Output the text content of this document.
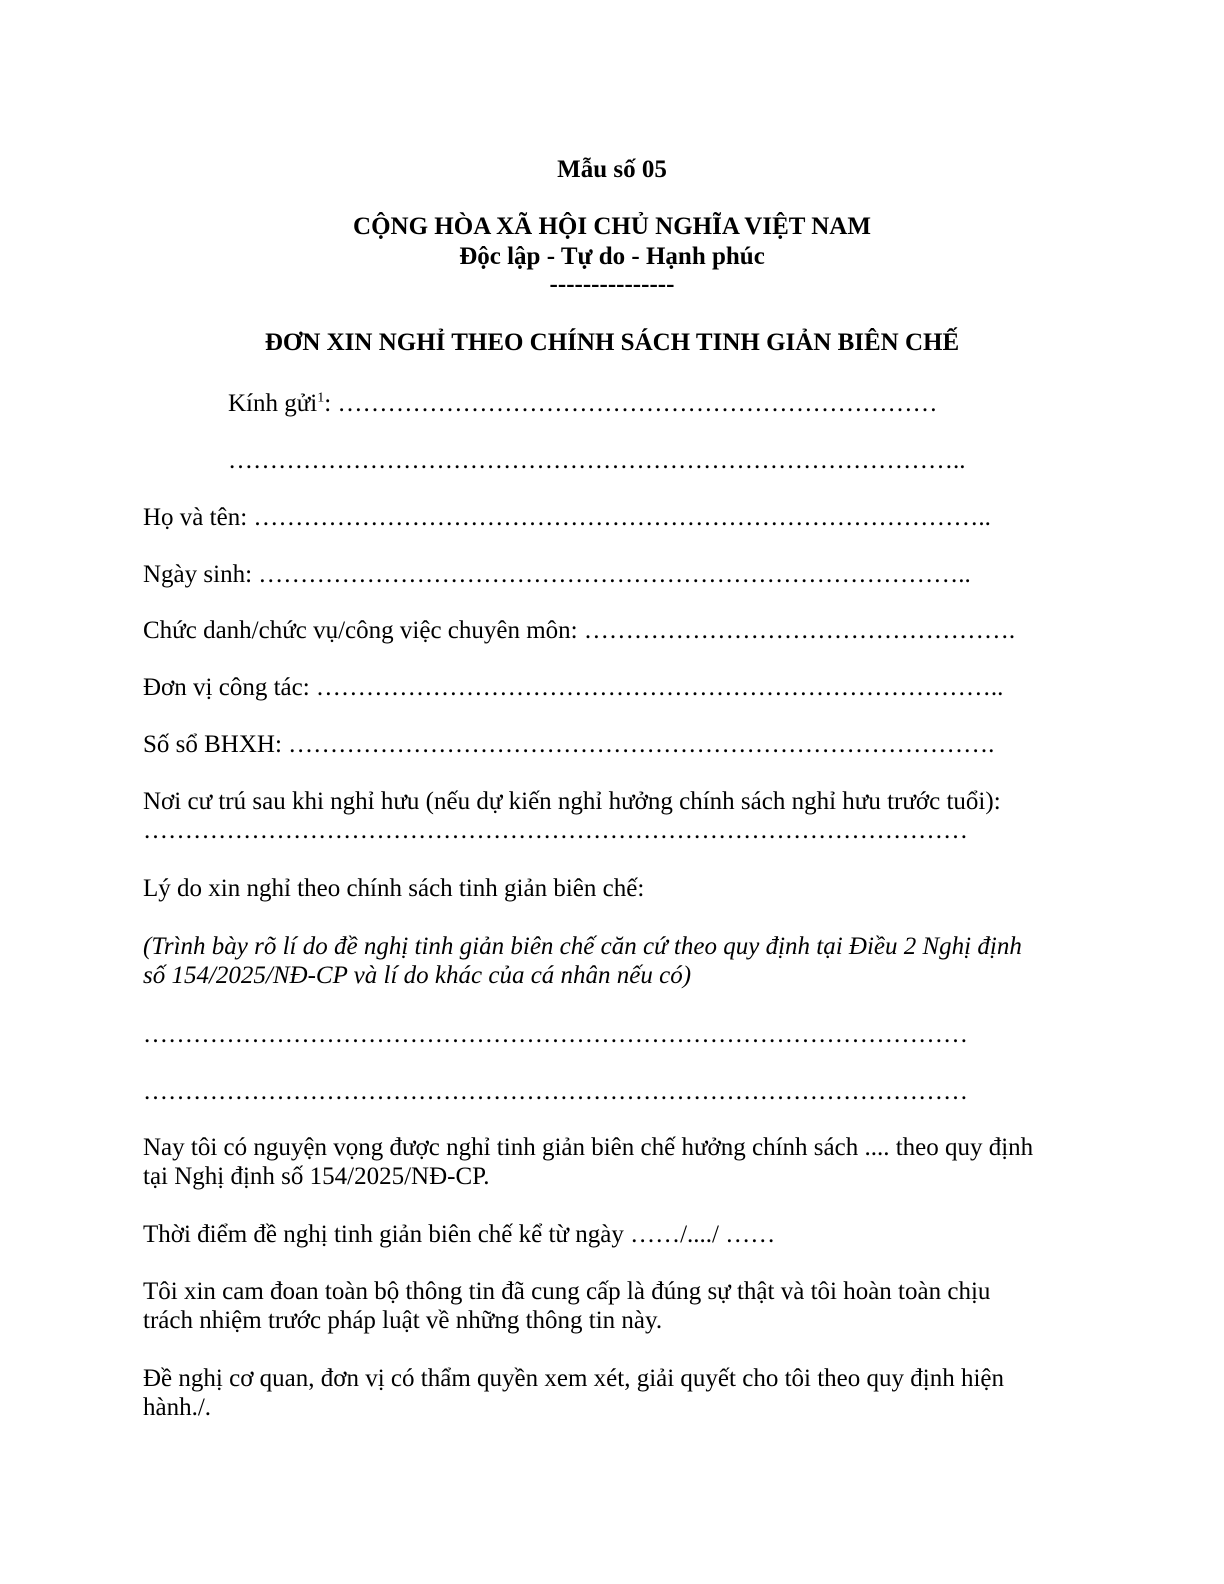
Mẫu số 05
CỘNG HÒA XÃ HỘI CHỦ NGHĨA VIỆT NAM
Độc lập - Tự do - Hạnh phúc
---------------
ĐƠN XIN NGHỈ THEO CHÍNH SÁCH TINH GIẢN BIÊN CHẾ
Kính gửi$^1$: ………………………………………………………………
……………………………………………………………………………..
Họ và tên: ……………………………………………………………………………..
Ngày sinh: …………………………………………………………………………..
Chức danh/chức vụ/công việc chuyên môn: …………………………………………….
Đơn vị công tác: ………………………………………………………………………..
Số sổ BHXH: ………………………………………………………………………….
Nơi cư trú sau khi nghỉ hưu (nếu dự kiến nghỉ hưởng chính sách nghỉ hưu trước tuổi):
………………………………………………………………………………………
Lý do xin nghỉ theo chính sách tinh giản biên chế:
(Trình bày rõ lí do đề nghị tinh giản biên chế căn cứ theo quy định tại Điều 2 Nghị định
số 154/2025/NĐ-CP và lí do khác của cá nhân nếu có)
………………………………………………………………………………………
………………………………………………………………………………………
Nay tôi có nguyện vọng được nghỉ tinh giản biên chế hưởng chính sách .... theo quy định
tại Nghị định số 154/2025/NĐ-CP.
Thời điểm đề nghị tinh giản biên chế kể từ ngày ……/..../ ……
Tôi xin cam đoan toàn bộ thông tin đã cung cấp là đúng sự thật và tôi hoàn toàn chịu
trách nhiệm trước pháp luật về những thông tin này.
Đề nghị cơ quan, đơn vị có thẩm quyền xem xét, giải quyết cho tôi theo quy định hiện
hành./.
